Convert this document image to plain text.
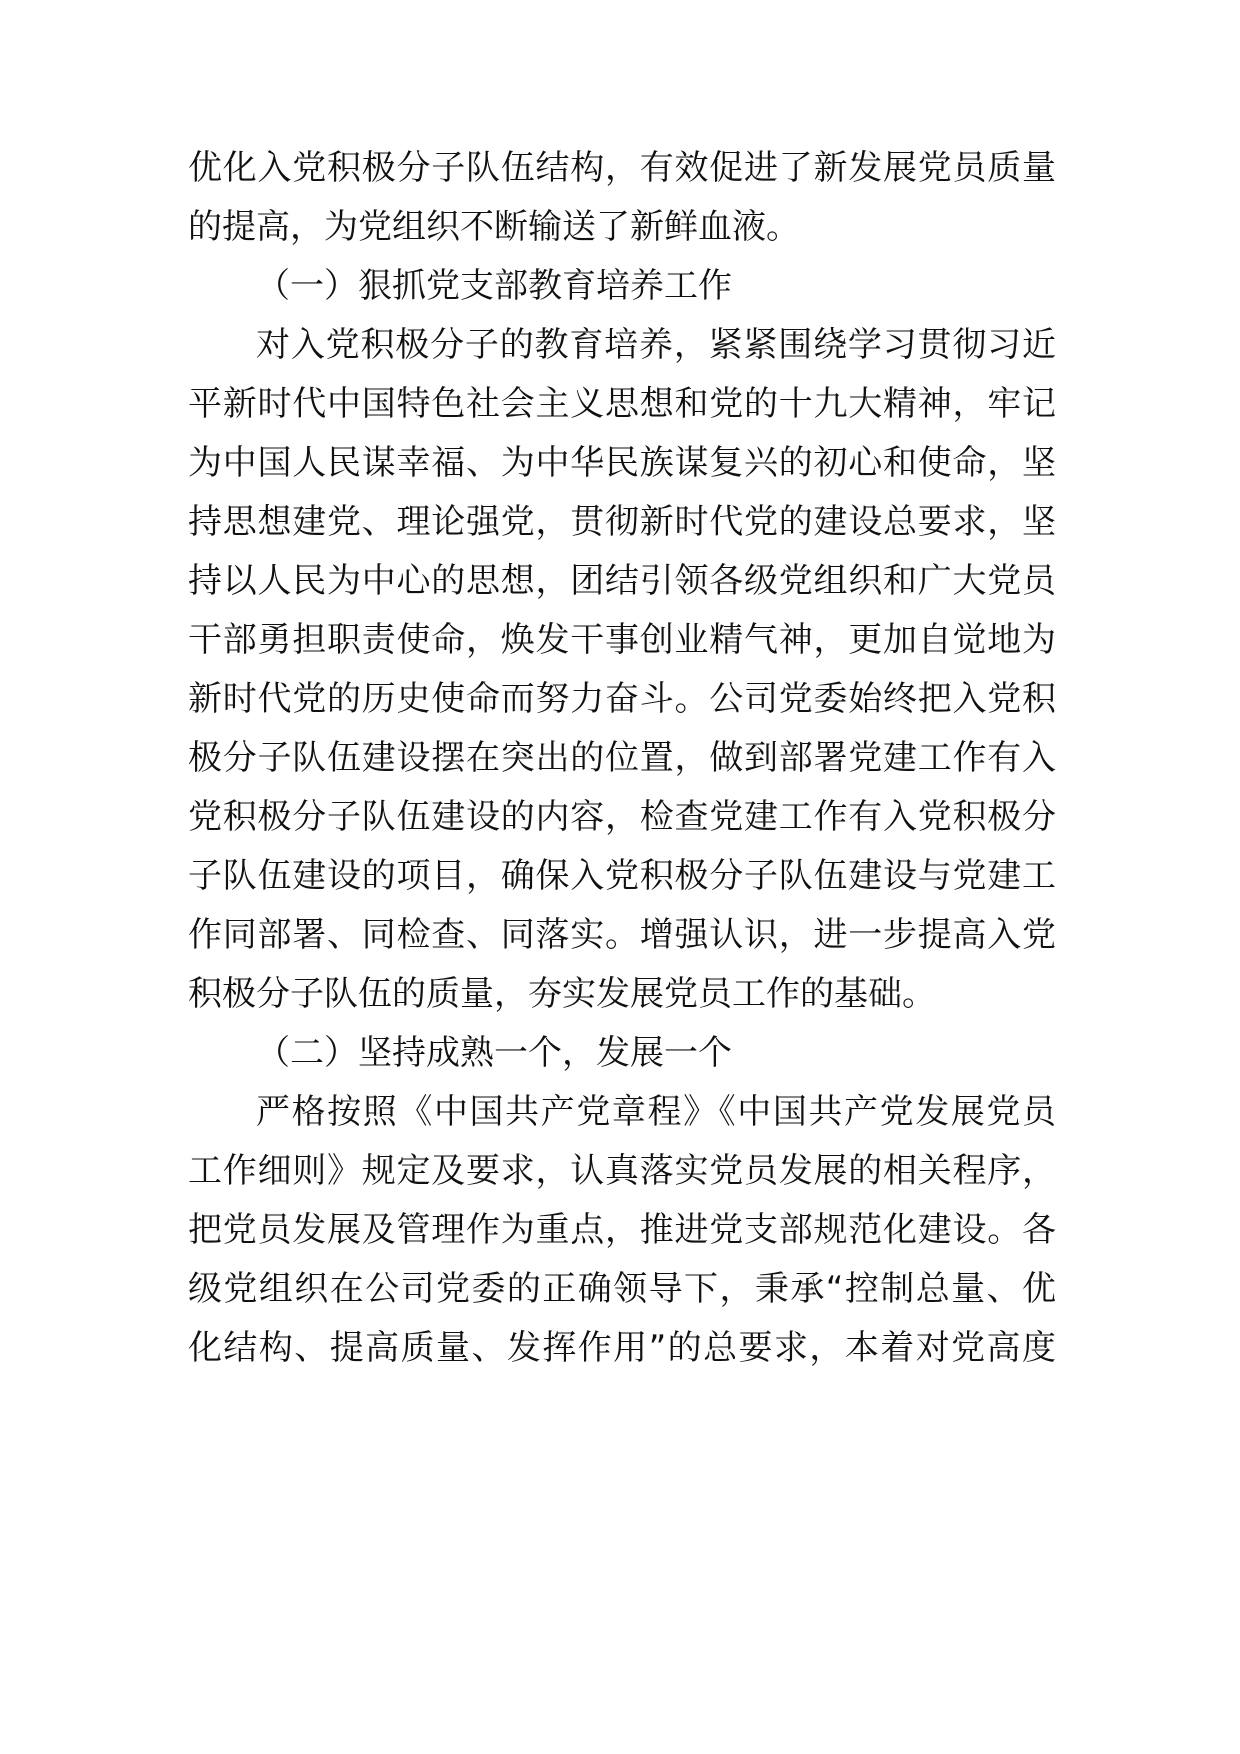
优化入党积极分子队伍结构，有效促进了新发展党员质量
的提高，为党组织不断输送了新鲜血液。
（一）狠抓党支部教育培养工作
对入党积极分子的教育培养，紧紧围绕学习贯彻习近
平新时代中国特色社会主义思想和党的十九大精神，牢记
为中国人民谋幸福、为中华民族谋复兴的初心和使命，坚
持思想建党、理论强党，贯彻新时代党的建设总要求，坚
持以人民为中心的思想，团结引领各级党组织和广大党员
干部勇担职责使命，焕发干事创业精气神，更加自觉地为
新时代党的历史使命而努力奋斗。公司党委始终把入党积
极分子队伍建设摆在突出的位置，做到部署党建工作有入
党积极分子队伍建设的内容，检查党建工作有入党积极分
子队伍建设的项目，确保入党积极分子队伍建设与党建工
作同部署、同检查、同落实。增强认识，进一步提高入党
积极分子队伍的质量，夯实发展党员工作的基础。
（二）坚持成熟一个，发展一个
严格按照《中国共产党章程》《中国共产党发展党员
工作细则》规定及要求，认真落实党员发展的相关程序，
把党员发展及管理作为重点，推进党支部规范化建设。各
级党组织在公司党委的正确领导下，秉承“控制总量、优
化结构、提高质量、发挥作用”的总要求，本着对党高度
